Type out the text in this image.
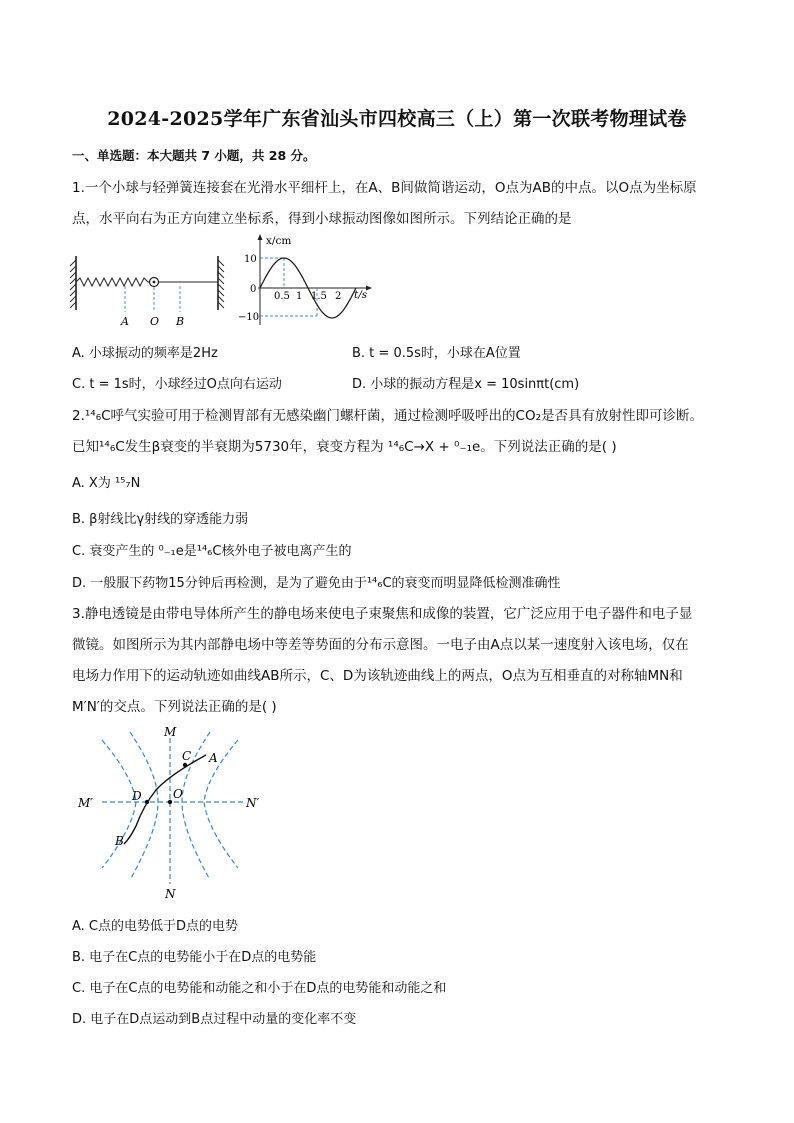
2024-2025学年广东省汕头市四校高三（上）第一次联考物理试卷
一、单选题：本大题共 7 小题，共 28 分。
1.一个小球与轻弹簧连接套在光滑水平细杆上，在A、B间做简谐运动，O点为AB的中点。以O点为坐标原
点，水平向右为正方向建立坐标系，得到小球振动图像如图所示。下列结论正确的是
A O B
x/cm
t/s
10
0
−10
0.5 1 1.5 2
A. 小球振动的频率是2Hz	B. t = 0.5s时，小球在A位置
C. t = 1s时，小球经过O点向右运动	D. 小球的振动方程是x = 10sinπt(cm)
2.¹⁴₆C呼气实验可用于检测胃部有无感染幽门螺杆菌，通过检测呼吸呼出的CO₂是否具有放射性即可诊断。
已知¹⁴₆C发生β衰变的半衰期为5730年，衰变方程为 ¹⁴₆C→X + ⁰₋₁e。下列说法正确的是( )
A. X为 ¹⁵₇N
B. β射线比γ射线的穿透能力弱
C. 衰变产生的 ⁰₋₁e是¹⁴₆C核外电子被电离产生的
D. 一般服下药物15分钟后再检测，是为了避免由于¹⁴₆C的衰变而明显降低检测准确性
3.静电透镜是由带电导体所产生的静电场来使电子束聚焦和成像的装置，它广泛应用于电子器件和电子显
微镜。如图所示为其内部静电场中等差等势面的分布示意图。一电子由A点以某一速度射入该电场，仅在
电场力作用下的运动轨迹如曲线AB所示，C、D为该轨迹曲线上的两点，O点为互相垂直的对称轴MN和
M′N′的交点。下列说法正确的是( )
M
N
M′	N′
A
C
D	O
B
A. C点的电势低于D点的电势
B. 电子在C点的电势能小于在D点的电势能
C. 电子在C点的电势能和动能之和小于在D点的电势能和动能之和
D. 电子在D点运动到B点过程中动量的变化率不变
